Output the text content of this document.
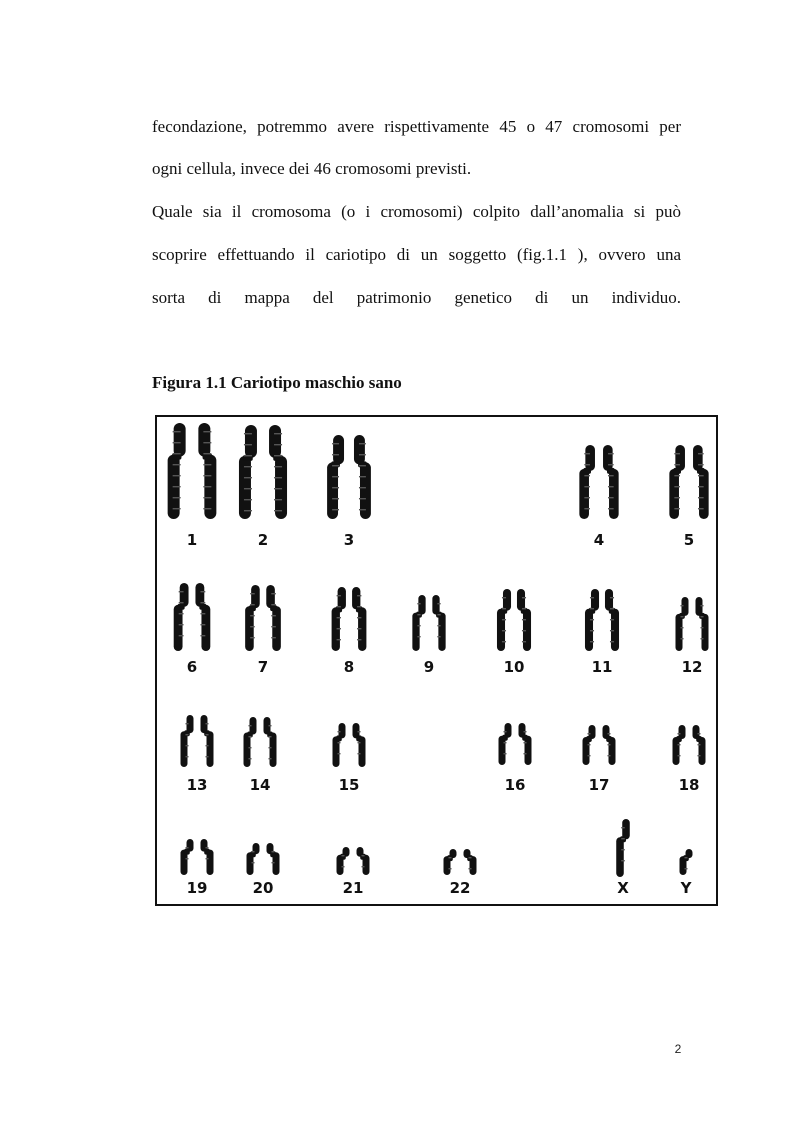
fecondazione, potremmo avere rispettivamente 45 o 47 cromosomi per
ogni cellula, invece dei 46 cromosomi previsti.
Quale sia il cromosoma (o i cromosomi) colpito dall’anomalia si può
scoprire effettuando il cariotipo di un soggetto (fig.1.1 ), ovvero una
sorta di mappa del patrimonio genetico di un individuo.
Figura 1.1 Cariotipo maschio sano
1	2	3	4	5
6	7	8	9	10	11	12
13	14	15	16	17	18
19	20	21	22	X	Y
2
